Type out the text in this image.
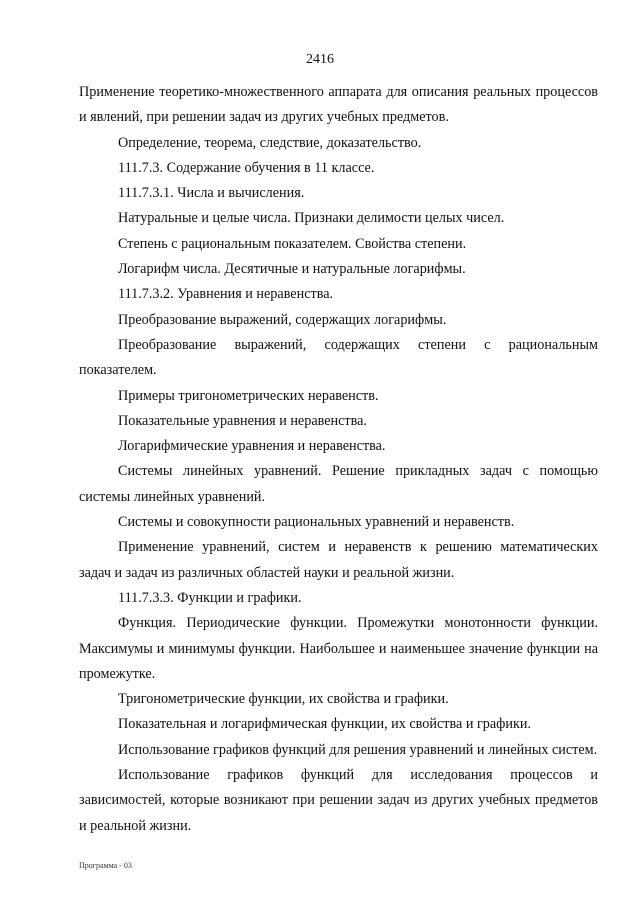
2416

Применение теоретико-множественного аппарата для описания реальных процессов и явлений, при решении задач из других учебных предметов.

Определение, теорема, следствие, доказательство.

111.7.3. Содержание обучения в 11 классе.

111.7.3.1. Числа и вычисления.

Натуральные и целые числа. Признаки делимости целых чисел.

Степень с рациональным показателем. Свойства степени.

Логарифм числа. Десятичные и натуральные логарифмы.

111.7.3.2. Уравнения и неравенства.

Преобразование выражений, содержащих логарифмы.

Преобразование выражений, содержащих степени с рациональным показателем.

Примеры тригонометрических неравенств.

Показательные уравнения и неравенства.

Логарифмические уравнения и неравенства.

Системы линейных уравнений. Решение прикладных задач с помощью системы линейных уравнений.

Системы и совокупности рациональных уравнений и неравенств.

Применение уравнений, систем и неравенств к решению математических задач и задач из различных областей науки и реальной жизни.

111.7.3.3. Функции и графики.

Функция. Периодические функции. Промежутки монотонности функции. Максимумы и минимумы функции. Наибольшее и наименьшее значение функции на промежутке.

Тригонометрические функции, их свойства и графики.

Показательная и логарифмическая функции, их свойства и графики.

Использование графиков функций для решения уравнений и линейных систем.

Использование графиков функций для исследования процессов и зависимостей, которые возникают при решении задач из других учебных предметов и реальной жизни.

Программа - 03
